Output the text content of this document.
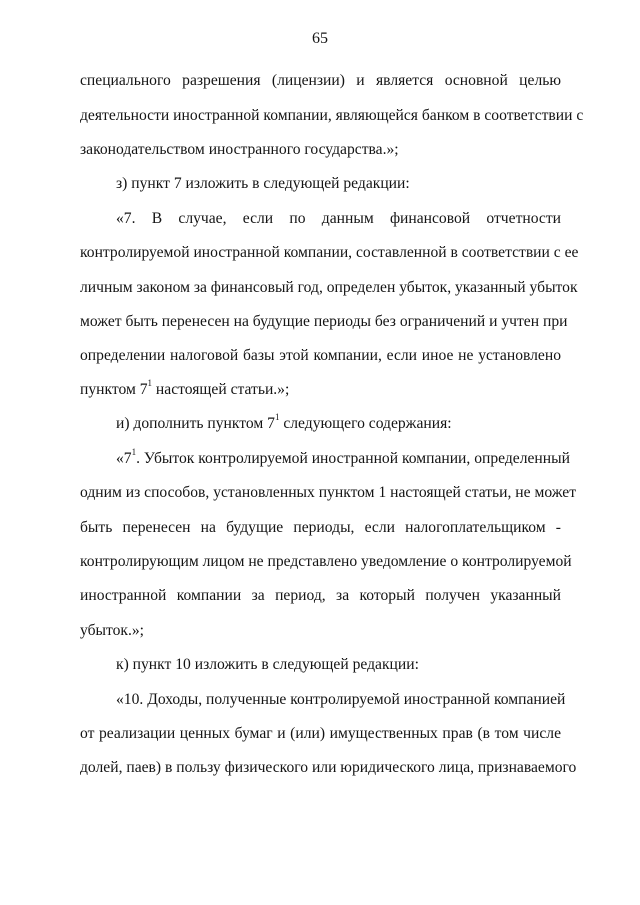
65
специального разрешения (лицензии) и является основной целью
деятельности иностранной компании, являющейся банком в соответствии с
законодательством иностранного государства.»;
з) пункт 7 изложить в следующей редакции:
«7. В случае, если по данным финансовой отчетности
контролируемой иностранной компании, составленной в соответствии с ее
личным законом за финансовый год, определен убыток, указанный убыток
может быть перенесен на будущие периоды без ограничений и учтен при
определении налоговой базы этой компании, если иное не установлено
пунктом $7^1$ настоящей статьи.»;
и) дополнить пунктом $7^1$ следующего содержания:
«$7^1$. Убыток контролируемой иностранной компании, определенный
одним из способов, установленных пунктом 1 настоящей статьи, не может
быть перенесен на будущие периоды, если налогоплательщиком -
контролирующим лицом не представлено уведомление о контролируемой
иностранной компании за период, за который получен указанный
убыток.»;
к) пункт 10 изложить в следующей редакции:
«10. Доходы, полученные контролируемой иностранной компанией
от реализации ценных бумаг и (или) имущественных прав (в том числе
долей, паев) в пользу физического или юридического лица, признаваемого
